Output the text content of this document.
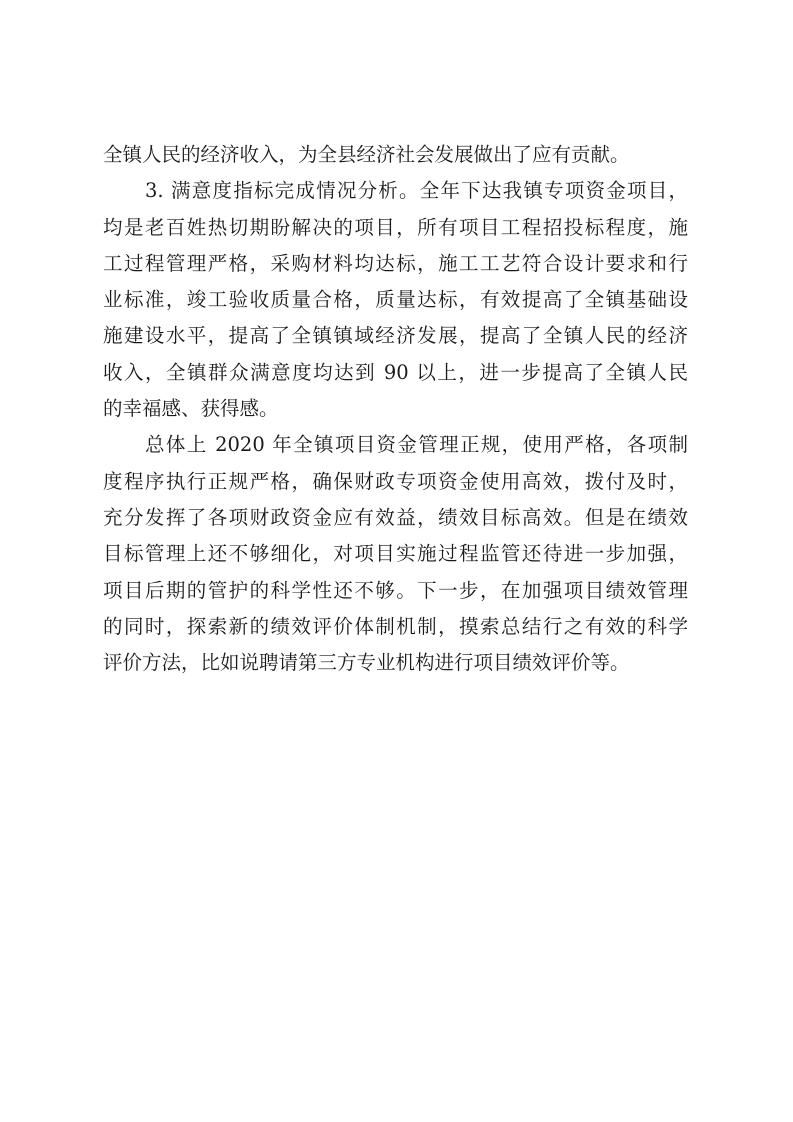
全镇人民的经济收入，为全县经济社会发展做出了应有贡献。
3. 满意度指标完成情况分析。全年下达我镇专项资金项目，
均是老百姓热切期盼解决的项目，所有项目工程招投标程度，施
工过程管理严格，采购材料均达标，施工工艺符合设计要求和行
业标准，竣工验收质量合格，质量达标，有效提高了全镇基础设
施建设水平，提高了全镇镇域经济发展，提高了全镇人民的经济
收入，全镇群众满意度均达到 90 以上，进一步提高了全镇人民
的幸福感、获得感。
总体上 2020 年全镇项目资金管理正规，使用严格，各项制
度程序执行正规严格，确保财政专项资金使用高效，拨付及时，
充分发挥了各项财政资金应有效益，绩效目标高效。但是在绩效
目标管理上还不够细化，对项目实施过程监管还待进一步加强，
项目后期的管护的科学性还不够。下一步，在加强项目绩效管理
的同时，探索新的绩效评价体制机制，摸索总结行之有效的科学
评价方法，比如说聘请第三方专业机构进行项目绩效评价等。
